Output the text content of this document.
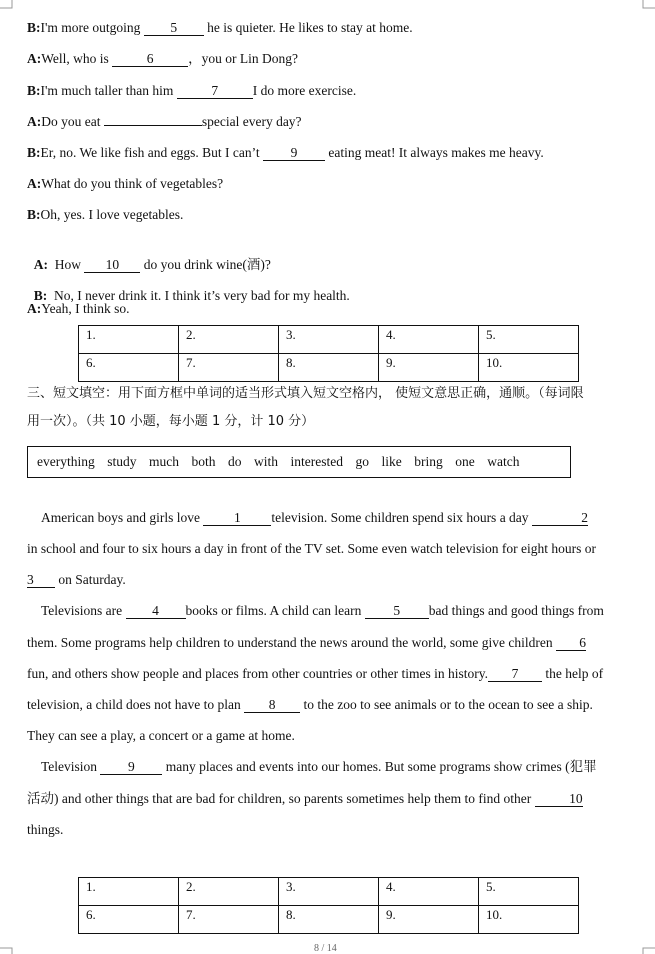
B:I'm more outgoing 5 he is quieter. He likes to stay at home.
A:Well, who is	6	，you or Lin Dong?
B:I'm much taller than him	7	I do more exercise.
A:Do you eat	special every day?
B:Er, no. We like fish and eggs. But I can’t 9 eating meat! It always makes me heavy.
A:What do you think of vegetables?
B:Oh, yes. I love vegetables.

A:  How 10 do you drink wine(酒)?

B:  No, I never drink it. I think it’s very bad for my health.

A:Yeah, I think so.
1.	2.	3.	4.	5.
6.	7.	8.	9.	10.
三、短文填空：用下面方框中单词的适当形式填入短文空格内， 使短文意思正确，通顺。（每词限
用一次）。（共 10 小题，每小题 1 分，计 10 分）
everything study much both do with interested go like bring one watch
American boys and girls love 1 television. Some children spend six hours a day	2
in school and four to six hours a day in front of the TV set. Some even watch television for eight hours or
3 on Saturday.
Televisions are 4 books or films. A child can learn 5 bad things and good things from
them. Some programs help children to understand the news around the world, some give children 6
fun, and others show people and places from other countries or other times in history. 7 the help of
television, a child does not have to plan 8 to the zoo to see animals or to the ocean to see a ship.
They can see a play, a concert or a game at home.
Television 9 many places and events into our homes. But some programs show crimes (犯罪
活动) and other things that are bad for children, so parents sometimes help them to find other	10
things.
1.	2.	3.	4.	5.
6.	7.	8.	9.	10.
8 / 14
